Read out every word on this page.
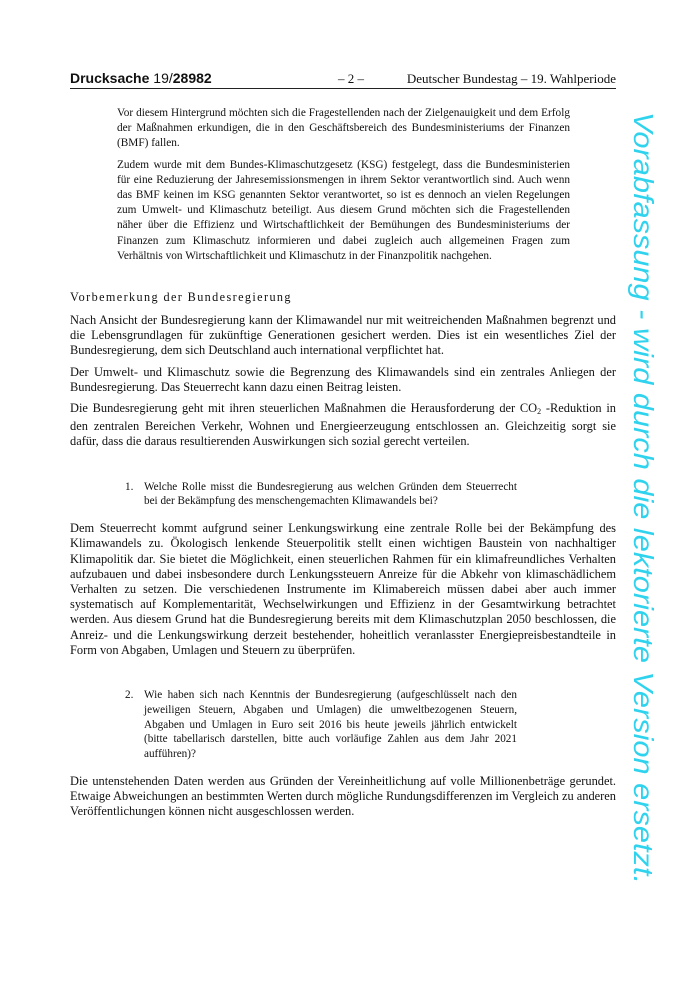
Drucksache 19/28982	– 2 –	Deutscher Bundestag – 19. Wahlperiode

Vor diesem Hintergrund möchten sich die Fragestellenden nach der Zielgenauigkeit und dem Erfolg der Maßnahmen erkundigen, die in den Geschäftsbereich des Bundesministeriums der Finanzen (BMF) fallen.

Zudem wurde mit dem Bundes-Klimaschutzgesetz (KSG) festgelegt, dass die Bundesministerien für eine Reduzierung der Jahresemissionsmengen in ihrem Sektor verantwortlich sind. Auch wenn das BMF keinen im KSG genannten Sektor verantwortet, so ist es dennoch an vielen Regelungen zum Umwelt- und Klimaschutz beteiligt. Aus diesem Grund möchten sich die Fragestellenden näher über die Effizienz und Wirtschaftlichkeit der Bemühungen des Bundesministeriums der Finanzen zum Klimaschutz informieren und dabei zugleich auch allgemeinen Fragen zum Verhältnis von Wirtschaftlichkeit und Klimaschutz in der Finanzpolitik nachgehen.

Vorbemerkung der Bundesregierung

Nach Ansicht der Bundesregierung kann der Klimawandel nur mit weitreichenden Maßnahmen begrenzt und die Lebensgrundlagen für zukünftige Generationen gesichert werden. Dies ist ein wesentliches Ziel der Bundesregierung, dem sich Deutschland auch international verpflichtet hat.

Der Umwelt- und Klimaschutz sowie die Begrenzung des Klimawandels sind ein zentrales Anliegen der Bundesregierung. Das Steuerrecht kann dazu einen Beitrag leisten.

Die Bundesregierung geht mit ihren steuerlichen Maßnahmen die Herausforderung der $CO_2$ -Reduktion in den zentralen Bereichen Verkehr, Wohnen und Energieerzeugung entschlossen an. Gleichzeitig sorgt sie dafür, dass die daraus resultierenden Auswirkungen sich sozial gerecht verteilen.

1. Welche Rolle misst die Bundesregierung aus welchen Gründen dem Steuerrecht bei der Bekämpfung des menschengemachten Klimawandels bei?

Dem Steuerrecht kommt aufgrund seiner Lenkungswirkung eine zentrale Rolle bei der Bekämpfung des Klimawandels zu. Ökologisch lenkende Steuerpolitik stellt einen wichtigen Baustein von nachhaltiger Klimapolitik dar. Sie bietet die Möglichkeit, einen steuerlichen Rahmen für ein klimafreundliches Verhalten aufzubauen und dabei insbesondere durch Lenkungssteuern Anreize für die Abkehr von klimaschädlichem Verhalten zu setzen. Die verschiedenen Instrumente im Klimabereich müssen dabei aber auch immer systematisch auf Komplementarität, Wechselwirkungen und Effizienz in der Gesamtwirkung betrachtet werden. Aus diesem Grund hat die Bundesregierung bereits mit dem Klimaschutzplan 2050 beschlossen, die Anreiz- und die Lenkungswirkung derzeit bestehender, hoheitlich veranlasster Energiepreisbestandteile in Form von Abgaben, Umlagen und Steuern zu überprüfen.

2. Wie haben sich nach Kenntnis der Bundesregierung (aufgeschlüsselt nach den jeweiligen Steuern, Abgaben und Umlagen) die umweltbezogenen Steuern, Abgaben und Umlagen in Euro seit 2016 bis heute jeweils jährlich entwickelt (bitte tabellarisch darstellen, bitte auch vorläufige Zahlen aus dem Jahr 2021 aufführen)?

Die untenstehenden Daten werden aus Gründen der Vereinheitlichung auf volle Millionenbeträge gerundet. Etwaige Abweichungen an bestimmten Werten durch mögliche Rundungsdifferenzen im Vergleich zu anderen Veröffentlichungen können nicht ausgeschlossen werden.

Vorabfassung - wird durch die lektorierte Version ersetzt.
